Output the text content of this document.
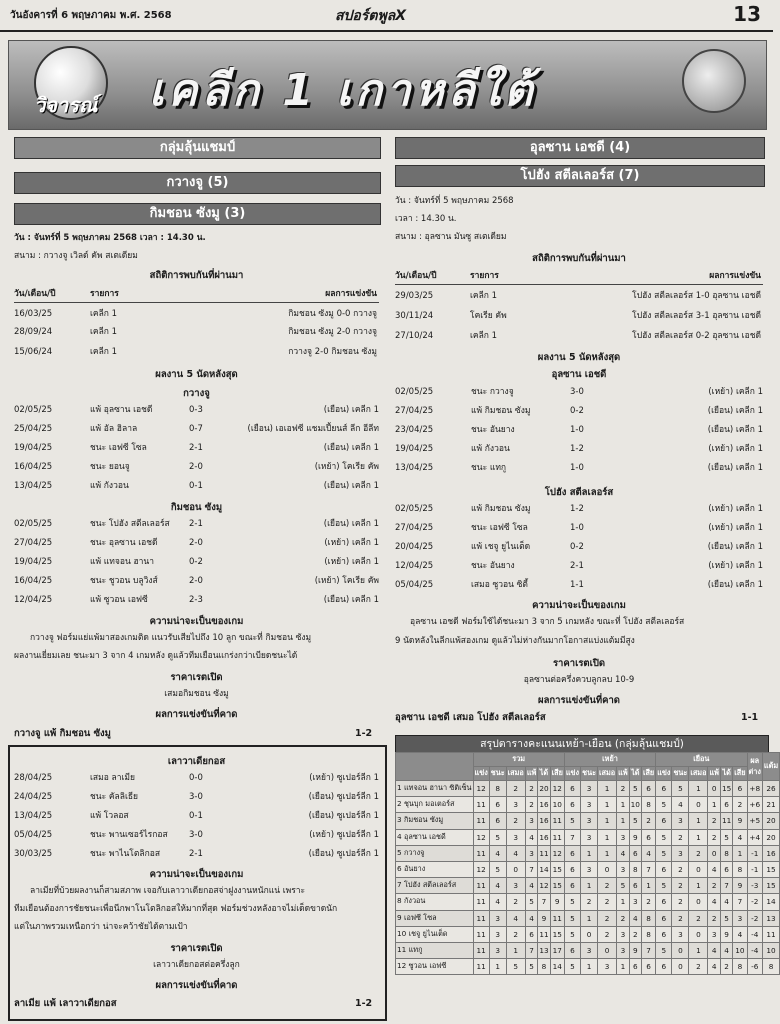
วันอังคารที่ 6 พฤษภาคม พ.ศ. 2568	สปอร์ตพูลX	13
วิจารณ์ เคลีก 1 เกาหลีใต้
กลุ่มลุ้นแชมป์
กวางจู (5)
กิมชอน ซังมู (3)
วัน : จันทร์ที่ 5 พฤษภาคม 2568 เวลา : 14.30 น.
สนาม : กวางจู เวิลด์ คัพ สเตเดียม
สถิติการพบกันที่ผ่านมา
วัน/เดือน/ปี	รายการ	ผลการแข่งขัน
16/03/25	เคลีก 1	กิมชอน ซังมู 0-0 กวางจู
28/09/24	เคลีก 1	กิมชอน ซังมู 2-0 กวางจู
15/06/24	เคลีก 1	กวางจู 2-0 กิมชอน ซังมู
ผลงาน 5 นัดหลังสุด
กวางจู
02/05/25	แพ้ อุลซาน เอชดี	0-3	(เยือน) เคลีก 1
25/04/25	แพ้ อัล ฮิลาล	0-7	(เยือน) เอเอฟซี แชมเปี้ยนส์ ลีก อีลีท
19/04/25	ชนะ เอฟซี โซล	2-1	(เยือน) เคลีก 1
16/04/25	ชนะ ยอนจู	2-0	(เหย้า) โคเรีย คัพ
13/04/25	แพ้ กังวอน	0-1	(เยือน) เคลีก 1
กิมชอน ซังมู
02/05/25	ชนะ โปฮัง สตีลเลอร์ส 2-1	(เยือน) เคลีก 1
27/04/25	ชนะ อุลซาน เอชดี	2-0	(เหย้า) เคลีก 1
19/04/25	แพ้ แทจอน ฮานา	0-2	(เหย้า) เคลีก 1
16/04/25	ชนะ ชูวอน บลูวิงส์	2-0	(เหย้า) โคเรีย คัพ
12/04/25	แพ้ ซูวอน เอฟซี	2-3	(เยือน) เคลีก 1
ความน่าจะเป็นของเกม
กวางจู ฟอร์มแย่แพ้มาสองเกมติด แนวรับเสียไปถึง 10 ลูก ขณะที่ กิมชอน ซังมู
ผลงานเยี่ยมเลย ชนะมา 3 จาก 4 เกมหลัง ดูแล้วทีมเยือนแกร่งกว่าเบียดชนะได้
ราคาเรตเปิด
เสมอกิมชอน ซังมู
ผลการแข่งขันที่คาด
กวางจู แพ้ กิมชอน ซังมู	1-2
เลาวาเดียกอส
28/04/25	เสมอ ลาเมีย	0-0	(เหย้า) ซูเปอร์ลีก 1
24/04/25	ชนะ คัลลิเธีย	3-0	(เยือน) ซูเปอร์ลีก 1
13/04/25	แพ้ โวลอส	0-1	(เยือน) ซูเปอร์ลีก 1
05/04/25	ชนะ พานเซอร์ไรกอส	3-0	(เหย้า) ซูเปอร์ลีก 1
30/03/25	ชนะ พาไนโตลิกอส	2-1	(เยือน) ซูเปอร์ลีก 1
ความน่าจะเป็นของเกม
ลาเมียที่บ้วยผลงานก็สามสภาพ เจอกับเลาวาเดียกอสจ่าฝูงงานหนักแน่ เพราะ
ทีมเยือนต้องการชัยชนะเพื่อนีกพาโนโตลิกอสให้มากที่สุด ฟอร์มช่วงหลังอาจไม่เด็ดขาดนัก
แต่ในภาพรวมเหนือกว่า น่าจะคว้าชัยได้ตามเป้า
ราคาเรตเปิด
เลาวาเดียกอสต่อครึ่งลูก
ผลการแข่งขันที่คาด
ลาเมีย แพ้ เลาวาเดียกอส	1-2
อุลซาน เอชดี (4)
โปฮัง สตีลเลอร์ส (7)
วัน : จันทร์ที่ 5 พฤษภาคม 2568
เวลา : 14.30 น.
สนาม : อุลซาน มันซู สเตเดียม
สถิติการพบกันที่ผ่านมา
วัน/เดือน/ปี	รายการ	ผลการแข่งขัน
29/03/25	เคลีก 1	โปฮัง สตีลเลอร์ส 1-0 อุลซาน เอชดี
30/11/24	โคเรีย คัพ	โปฮัง สตีลเลอร์ส 3-1 อุลซาน เอชดี
27/10/24	เคลีก 1	โปฮัง สตีลเลอร์ส 0-2 อุลซาน เอชดี
ผลงาน 5 นัดหลังสุด
อุลซาน เอชดี
02/05/25	ชนะ กวางจู	3-0	(เหย้า) เคลีก 1
27/04/25	แพ้ กิมชอน ซังมู	0-2	(เยือน) เคลีก 1
23/04/25	ชนะ อันยาง	1-0	(เยือน) เคลีก 1
19/04/25	แพ้ กังวอน	1-2	(เหย้า) เคลีก 1
13/04/25	ชนะ แทกู	1-0	(เยือน) เคลีก 1
โปฮัง สตีลเลอร์ส
02/05/25	แพ้ กิมชอน ซังมู	1-2	(เหย้า) เคลีก 1
27/04/25	ชนะ เอฟซี โซล	1-0	(เหย้า) เคลีก 1
20/04/25	แพ้ เชจู ยูไนเต็ด	0-2	(เยือน) เคลีก 1
12/04/25	ชนะ อันยาง	2-1	(เหย้า) เคลีก 1
05/04/25	เสมอ ซูวอน ซิตี้	1-1	(เยือน) เคลีก 1
ความน่าจะเป็นของเกม
อุลซาน เอชดี ฟอร์มใช้ได้ชนะมา 3 จาก 5 เกมหลัง ขณะที่ โปฮัง สตีลเลอร์ส
9 นัดหลังในลีกแพ้สองเกม ดูแล้วไม่ห่างกันมากโอกาสแบ่งแต้มมีสูง
ราคาเรตเปิด
อุลซานต่อครึ่งควบลูกลบ 10-9
ผลการแข่งขันที่คาด
อุลซาน เอชดี เสมอ โปฮัง สตีลเลอร์ส	1-1
สรุปตารางคะแนนเหย้า-เยือน (กลุ่มลุ้นแชมป์)
	รวม						เหย้า						เยือน						ผลต่าง	แต้ม
	แข่ง	ชนะ	เสมอ	แพ้	ได้	เสีย	แข่ง	ชนะ	เสมอ	แพ้	ได้	เสีย	แข่ง	ชนะ	เสมอ	แพ้	ได้	เสีย		
1 แทจอน ฮานา ซิติเซ็น	12	8	2	2	20	12	6	3	1	2	5	6	6	5	1	0	15	6	+8	26
2 ชุนบุก มอเตอร์ส	11	6	3	2	16	10	6	3	1	1	10	8	5	4	0	1	6	2	+6	21
3 กิมชอน ซังมู	11	6	2	3	16	11	5	3	1	1	5	2	6	3	1	2	11	9	+5	20
4 อุลซาน เอชดี	12	5	3	4	16	11	7	3	1	3	9	6	5	2	1	2	5	4	+4	20
5 กวางจู	11	4	4	3	11	12	6	1	1	4	6	4	5	3	2	0	8	1	-1	16
6 อันยาง	12	5	0	7	14	15	6	3	0	3	8	7	6	2	0	4	6	8	-1	15
7 โปฮัง สตีลเลอร์ส	11	4	3	4	12	15	6	1	2	5	6	1	5	2	1	2	7	9	-3	15
8 กังวอน	11	4	2	5	7	9	5	2	2	1	3	2	6	2	0	4	4	7	-2	14
9 เอฟซี โซล	11	3	4	4	9	11	5	1	2	2	4	8	6	2	2	2	5	3	-2	13
10 เชจู ยูไนเต็ด	11	3	2	6	11	15	5	0	2	3	2	8	6	3	0	3	9	4	-4	11
11 แทกู	11	3	1	7	13	17	6	3	0	3	9	7	5	0	1	4	4	10	-4	10
12 ซูวอน เอฟซี	11	1	5	5	8	14	5	1	3	1	6	6	6	0	2	4	2	8	-6	8
